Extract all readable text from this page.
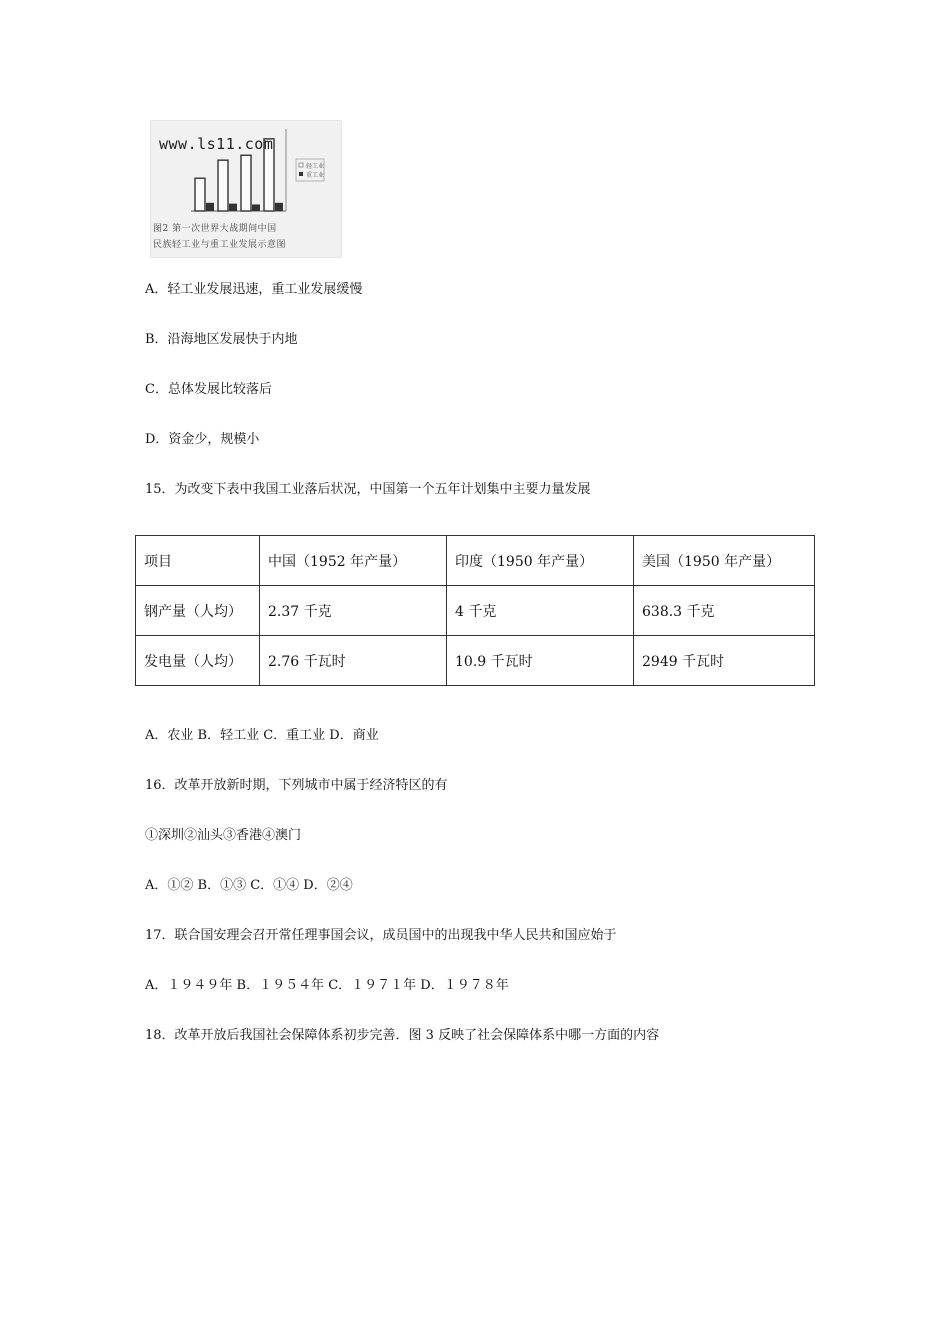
轻工业
重工业
www.ls11.com
图2 第一次世界大战期间中国
民族轻工业与重工业发展示意图
A．轻工业发展迅速，重工业发展缓慢
B．沿海地区发展快于内地
C．总体发展比较落后
D．资金少，规模小
15．为改变下表中我国工业落后状况，中国第一个五年计划集中主要力量发展
项目	中国（1952 年产量）	印度（1950 年产量）	美国（1950 年产量）
钢产量（人均）	2.37 千克	4 千克	638.3 千克
发电量（人均）	2.76 千瓦时	10.9 千瓦时	2949 千瓦时
A．农业 B．轻工业 C．重工业 D．商业
16．改革开放新时期，下列城市中属于经济特区的有
①深圳②汕头③香港④澳门
A．①② B．①③ C．①④ D．②④
17．联合国安理会召开常任理事国会议，成员国中的出现我中华人民共和国应始于
A．１９４９年 B．１９５４年 C．１９７１年 D．１９７８年
18．改革开放后我国社会保障体系初步完善．图 3 反映了社会保障体系中哪一方面的内容
